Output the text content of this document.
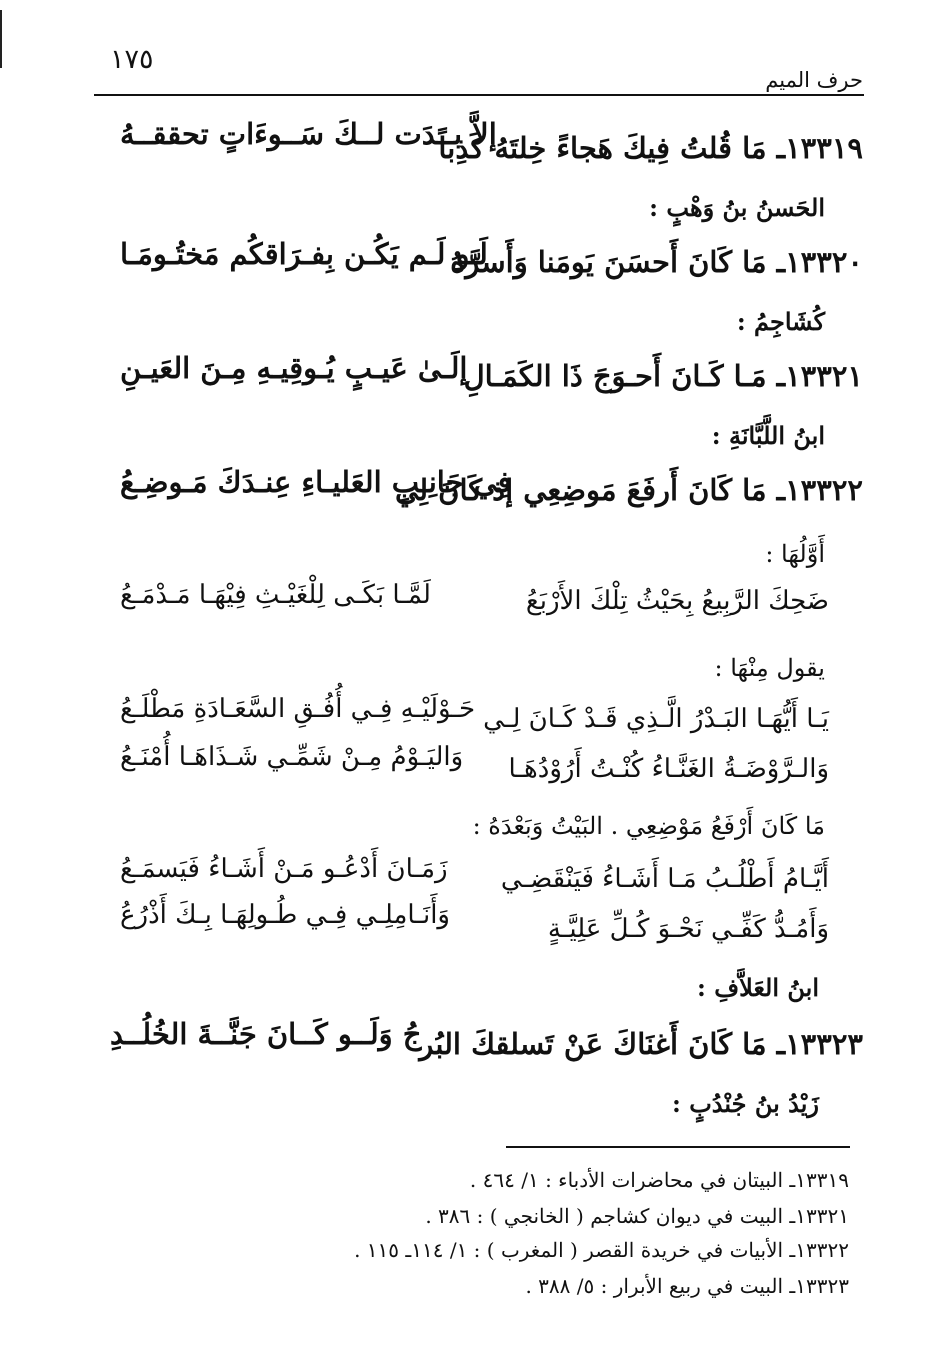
١٧٥
حرف الميم
١٣٣١٩ـ مَا قُلتُ فِيكَ هَجاءً خِلتَهُ كَذِباً
إلاَّ بــدَت لــكَ سَــوءَاتٍ تحققــهُ
الحَسنُ بنُ وَهْبٍ :
١٣٣٢٠ـ مَا كَانَ أَحسَنَ يَومَنا وَأَسرَّهُ
لَـو لَـم يَكُـن بِفـرَاقكُم مَختُـومَـا
كُشَاجِمُ :
١٣٣٢١ـ مَـا كَـانَ أَحـوَجَ ذَا الكَمَـالِ
إلَـىٰ عَيـبٍ يُـوقِيـهِ مِـنَ العَيـنِ
ابنُ اللَّبَّانَةِ :
١٣٣٢٢ـ مَا كَانَ أَرفَعَ مَوضِعِي إذ كَانَ لِي
فِي جَانِـبِ العَليـاءِ عِنـدَكَ مَـوضِـعُ
أَوَّلُهَا :
ضَحِكَ الرَّبِيعُ بِحَيْثُ تِلْكَ الأَرْبَعُ
لَمَّـا بَكَـى لِلْغَيْـثِ فِيْهَـا مَـدْمَـعُ
يقول مِنْهَا :
يَـا أَيُّهَـا البَـدْرُ الَّـذِي قَـدْ كَـانَ لِـي
حَـوْلَيْـهِ فِـي أُفُـقِ السَّعَـادَةِ مَطْلَـعُ
وَالـرَّوْضَـةُ الغَنَّـاءُ كُنْـتُ أَرُوْدُهَـا
وَاليَـوْمُ مِـنْ شَمِّـي شَـذَاهَـا أُمْنَـعُ
مَا كَانَ أَرْفَعُ مَوْضِعِي . البَيْتُ وَبَعْدَهُ :
أَيَّـامُ أَطْلُـبُ مَـا أَشَـاءُ فَيَنْقَضِـي
زَمَـانَ أَدْعُـو مَـنْ أَشَـاءُ فَيَسمَـعُ
وَأَمُـدُّ كَفِّـي نَحْـوَ كُـلِّ عَلِيَّـةٍ
وَأَنَـامِلِـي فِـي طُـولِهَـا بِـكَ أَذْرُعُ
ابنُ العَلاَّفِ :
١٣٣٢٣ـ مَا كَانَ أَغنَاكَ عَنْ تَسلقكَ البُر
جُ وَلَــو كَــانَ جَنَّــةَ الخُلُــدِ
زَيْدُ بنُ جُنْدُبٍ :
١٣٣١٩ـ البيتان في محاضرات الأدباء : ١/ ٤٦٤ .
١٣٣٢١ـ البيت في ديوان كشاجم ( الخانجي ) : ٣٨٦ .
١٣٣٢٢ـ الأبيات في خريدة القصر ( المغرب ) : ١/ ١١٤ـ ١١٥ .
١٣٣٢٣ـ البيت في ربيع الأبرار : ٥/ ٣٨٨ .
